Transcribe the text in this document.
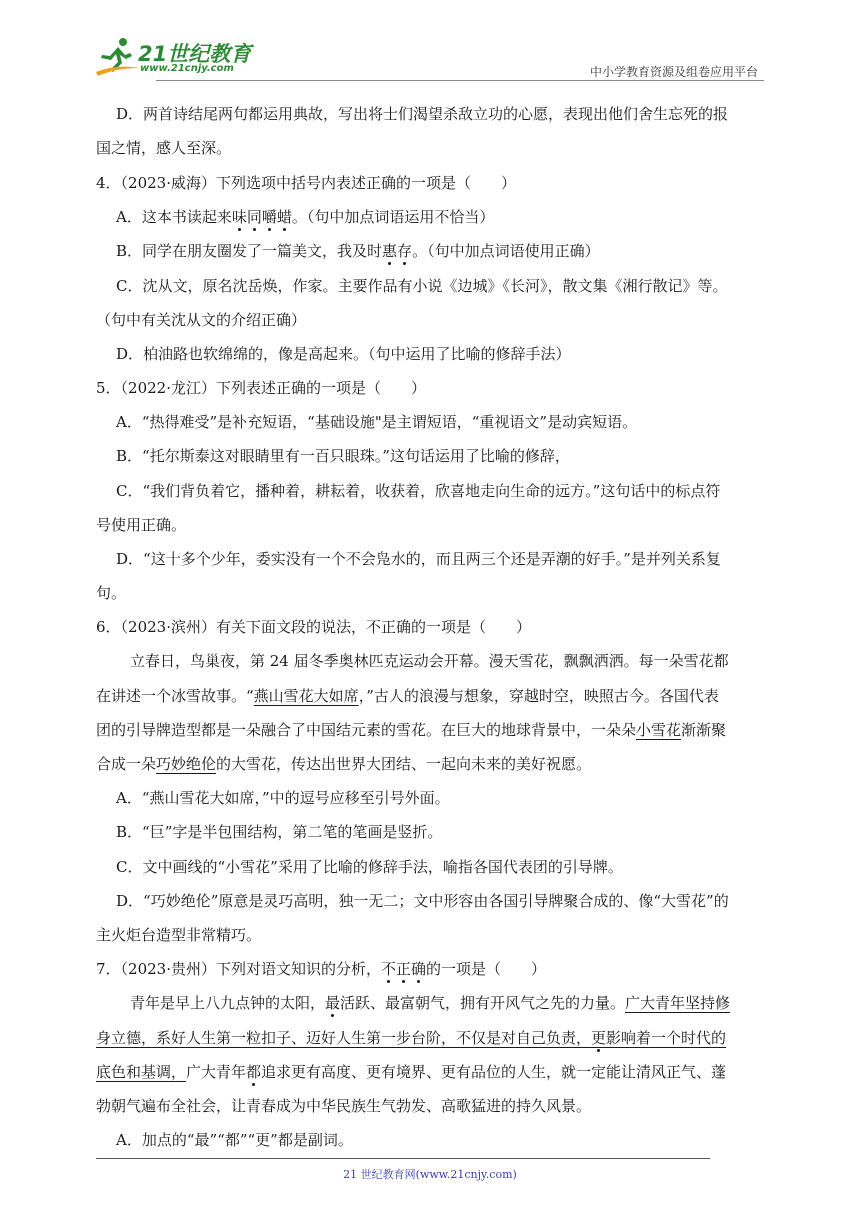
21世纪教育
www.21cnjy.com	中小学教育资源及组卷应用平台
D．两首诗结尾两句都运用典故，写出将士们渴望杀敌立功的心愿，表现出他们舍生忘死的报
国之情，感人至深。
4．（2023·威海）下列选项中括号内表述正确的一项是（　　）
A．这本书读起来味同嚼蜡。（句中加点词语运用不恰当）
B．同学在朋友圈发了一篇美文，我及时惠存。（句中加点词语使用正确）
C．沈从文，原名沈岳焕，作家。主要作品有小说《边城》《长河》，散文集《湘行散记》等。
（句中有关沈从文的介绍正确）
D．柏油路也软绵绵的，像是高起来。（句中运用了比喻的修辞手法）
5．（2022·龙江）下列表述正确的一项是（　　）
A．“热得难受”是补充短语，“基础设施"是主谓短语，“重视语文”是动宾短语。
B．“托尔斯泰这对眼睛里有一百只眼珠。”这句话运用了比喻的修辞，
C．“我们背负着它，播种着，耕耘着，收获着，欣喜地走向生命的远方。”这句话中的标点符
号使用正确。
D．“这十多个少年，委实没有一个不会凫水的，而且两三个还是弄潮的好手。”是并列关系复
句。
6．（2023·滨州）有关下面文段的说法，不正确的一项是（　　）
立春日，鸟巢夜，第 24 届冬季奥林匹克运动会开幕。漫天雪花，飘飘洒洒。每一朵雪花都
在讲述一个冰雪故事。“燕山雪花大如席，”古人的浪漫与想象，穿越时空，映照古今。各国代表
团的引导牌造型都是一朵融合了中国结元素的雪花。在巨大的地球背景中，一朵朵小雪花渐渐聚
合成一朵巧妙绝伦的大雪花，传达出世界大团结、一起向未来的美好祝愿。
A．“燕山雪花大如席，”中的逗号应移至引号外面。
B．“巨”字是半包围结构，第二笔的笔画是竖折。
C．文中画线的“小雪花”采用了比喻的修辞手法，喻指各国代表团的引导牌。
D．“巧妙绝伦”原意是灵巧高明，独一无二；文中形容由各国引导牌聚合成的、像“大雪花”的
主火炬台造型非常精巧。
7．（2023·贵州）下列对语文知识的分析，不正确的一项是（　　）
青年是早上八九点钟的太阳，最活跃、最富朝气，拥有开风气之先的力量。广大青年坚持修
身立德，系好人生第一粒扣子、迈好人生第一步台阶，不仅是对自己负责，更影响着一个时代的
底色和基调，广大青年都追求更有高度、更有境界、更有品位的人生，就一定能让清风正气、蓬
勃朝气遍布全社会，让青春成为中华民族生气勃发、高歌猛进的持久风景。
A．加点的“最”“都”“更”都是副词。
21 世纪教育网(www.21cnjy.com)
